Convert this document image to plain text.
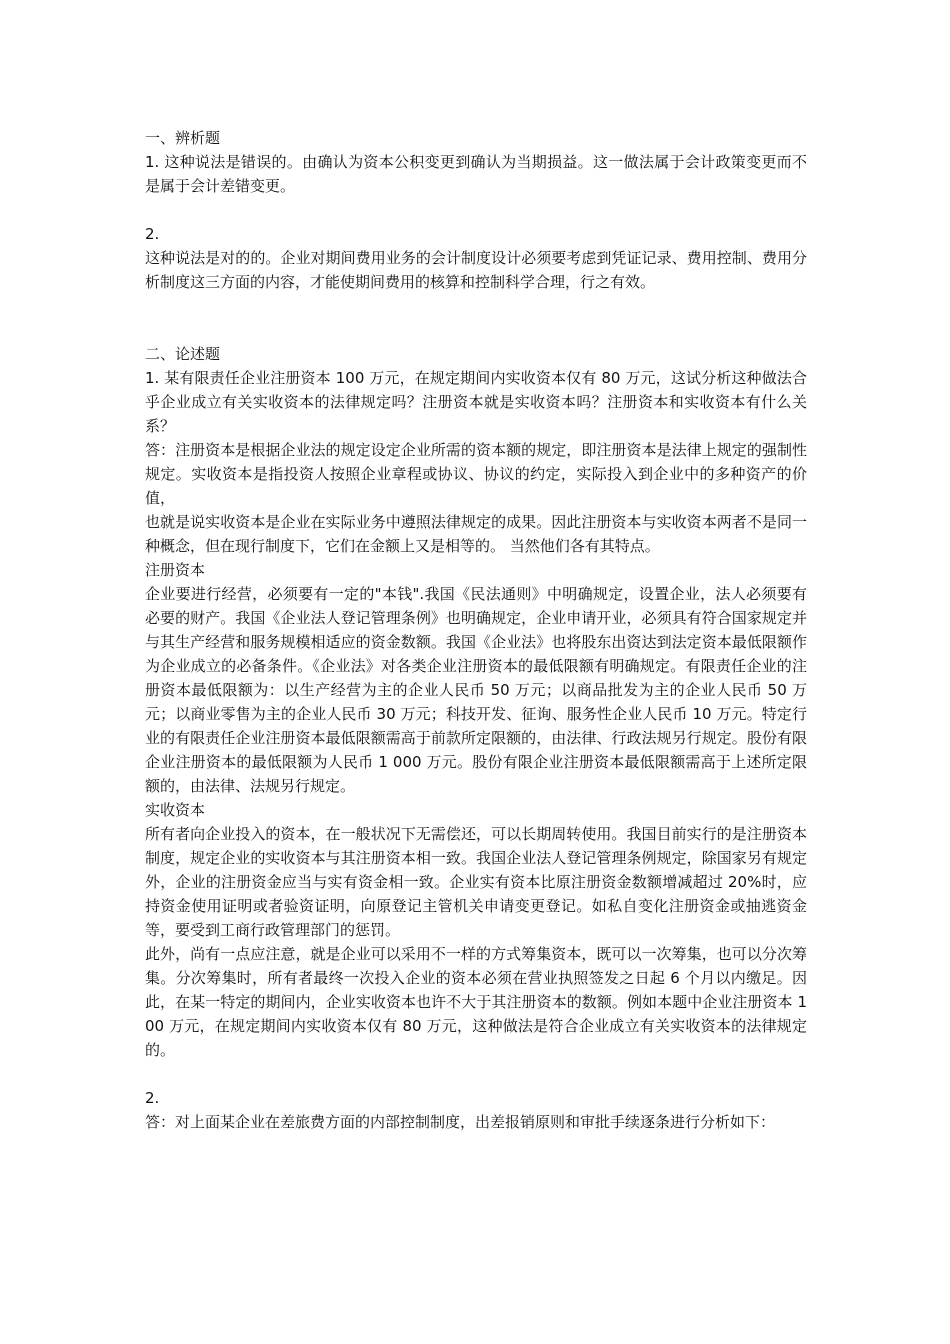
一、辨析题

1. 这种说法是错误的。由确认为资本公积变更到确认为当期损益。这一做法属于会计政策变更而不是属于会计差错变更。

2.

这种说法是对的的。企业对期间费用业务的会计制度设计必须要考虑到凭证记录、费用控制、费用分析制度这三方面的内容，才能使期间费用的核算和控制科学合理，行之有效。

二、论述题

1. 某有限责任企业注册资本 100 万元，在规定期间内实收资本仅有 80 万元，这试分析这种做法合乎企业成立有关实收资本的法律规定吗？注册资本就是实收资本吗？注册资本和实收资本有什么关系？

答：注册资本是根据企业法的规定设定企业所需的资本额的规定，即注册资本是法律上规定的强制性规定。实收资本是指投资人按照企业章程或协议、协议的约定，实际投入到企业中的多种资产的价值，

也就是说实收资本是企业在实际业务中遵照法律规定的成果。因此注册资本与实收资本两者不是同一种概念，但在现行制度下，它们在金额上又是相等的。 当然他们各有其特点。

注册资本

企业要进行经营，必须要有一定的"本钱".我国《民法通则》中明确规定，设置企业，法人必须要有必要的财产。我国《企业法人登记管理条例》也明确规定，企业申请开业，必须具有符合国家规定并与其生产经营和服务规模相适应的资金数额。我国《企业法》也将股东出资达到法定资本最低限额作为企业成立的必备条件。《企业法》对各类企业注册资本的最低限额有明确规定。有限责任企业的注册资本最低限额为：以生产经营为主的企业人民币 50 万元；以商品批发为主的企业人民币 50 万元；以商业零售为主的企业人民币 30 万元；科技开发、征询、服务性企业人民币 10 万元。特定行业的有限责任企业注册资本最低限额需高于前款所定限额的，由法律、行政法规另行规定。股份有限企业注册资本的最低限额为人民币 1 000 万元。股份有限企业注册资本最低限额需高于上述所定限额的，由法律、法规另行规定。

实收资本

所有者向企业投入的资本，在一般状况下无需偿还，可以长期周转使用。我国目前实行的是注册资本制度，规定企业的实收资本与其注册资本相一致。我国企业法人登记管理条例规定，除国家另有规定外，企业的注册资金应当与实有资金相一致。企业实有资本比原注册资金数额增减超过 20%时，应持资金使用证明或者验资证明，向原登记主管机关申请变更登记。如私自变化注册资金或抽逃资金等，要受到工商行政管理部门的惩罚。

此外，尚有一点应注意，就是企业可以采用不一样的方式筹集资本，既可以一次筹集，也可以分次筹集。分次筹集时，所有者最终一次投入企业的资本必须在营业执照签发之日起 6 个月以内缴足。因此，在某一特定的期间内，企业实收资本也许不大于其注册资本的数额。例如本题中企业注册资本 100 万元，在规定期间内实收资本仅有 80 万元，这种做法是符合企业成立有关实收资本的法律规定的。

2.

答：对上面某企业在差旅费方面的内部控制制度，出差报销原则和审批手续逐条进行分析如下：
